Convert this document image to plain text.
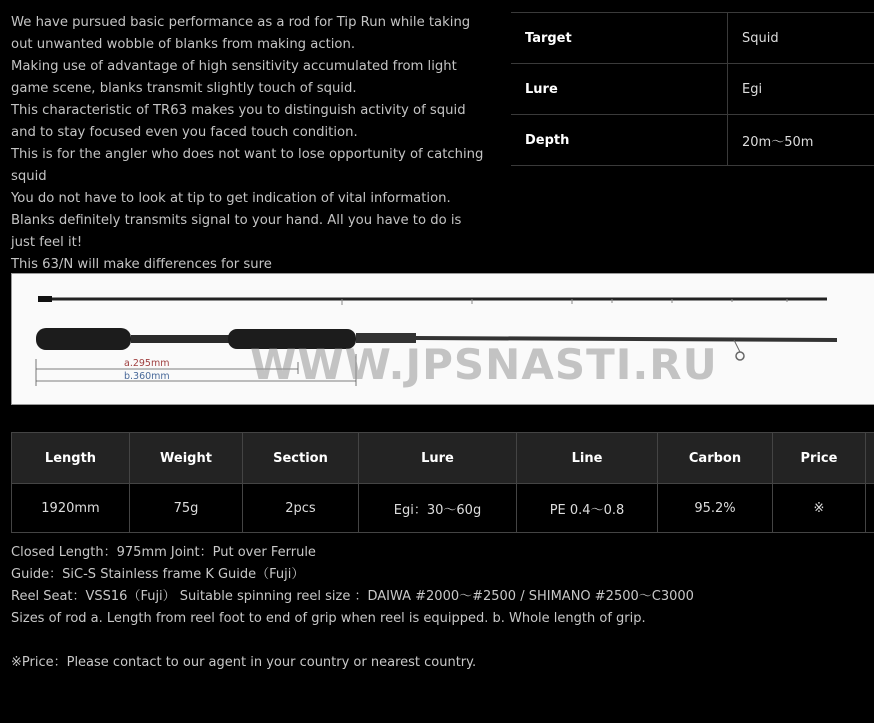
We have pursued basic performance as a rod for Tip Run while taking out unwanted wobble of blanks from making action.

Making use of advantage of high sensitivity accumulated from light game scene, blanks transmit slightly touch of squid.

This characteristic of TR63 makes you to distinguish activity of squid and to stay focused even you faced touch condition.

This is for the angler who does not want to lose opportunity of catching squid

You do not have to look at tip to get indication of vital information. Blanks definitely transmits signal to your hand. All you have to do is just feel it!

This 63/N will make differences for sure

Target	Squid
Lure	Egi
Depth	20m〜50m
WWW.JPSNASTI.RU
a.295mm
b.360mm
Length	Weight	Section	Lure	Line	Carbon	Price	
1920mm	75g	2pcs	Egi：30〜60g	PE 0.4〜0.8	95.2%	※	

Closed Length：975mm Joint：Put over Ferrule

Guide：SiC-S Stainless frame K Guide（Fuji）

Reel Seat：VSS16（Fuji） Suitable spinning reel size ：DAIWA #2000〜#2500 / SHIMANO #2500〜C3000

Sizes of rod a. Length from reel foot to end of grip when reel is equipped. b. Whole length of grip.

※Price：Please contact to our agent in your country or nearest country.
